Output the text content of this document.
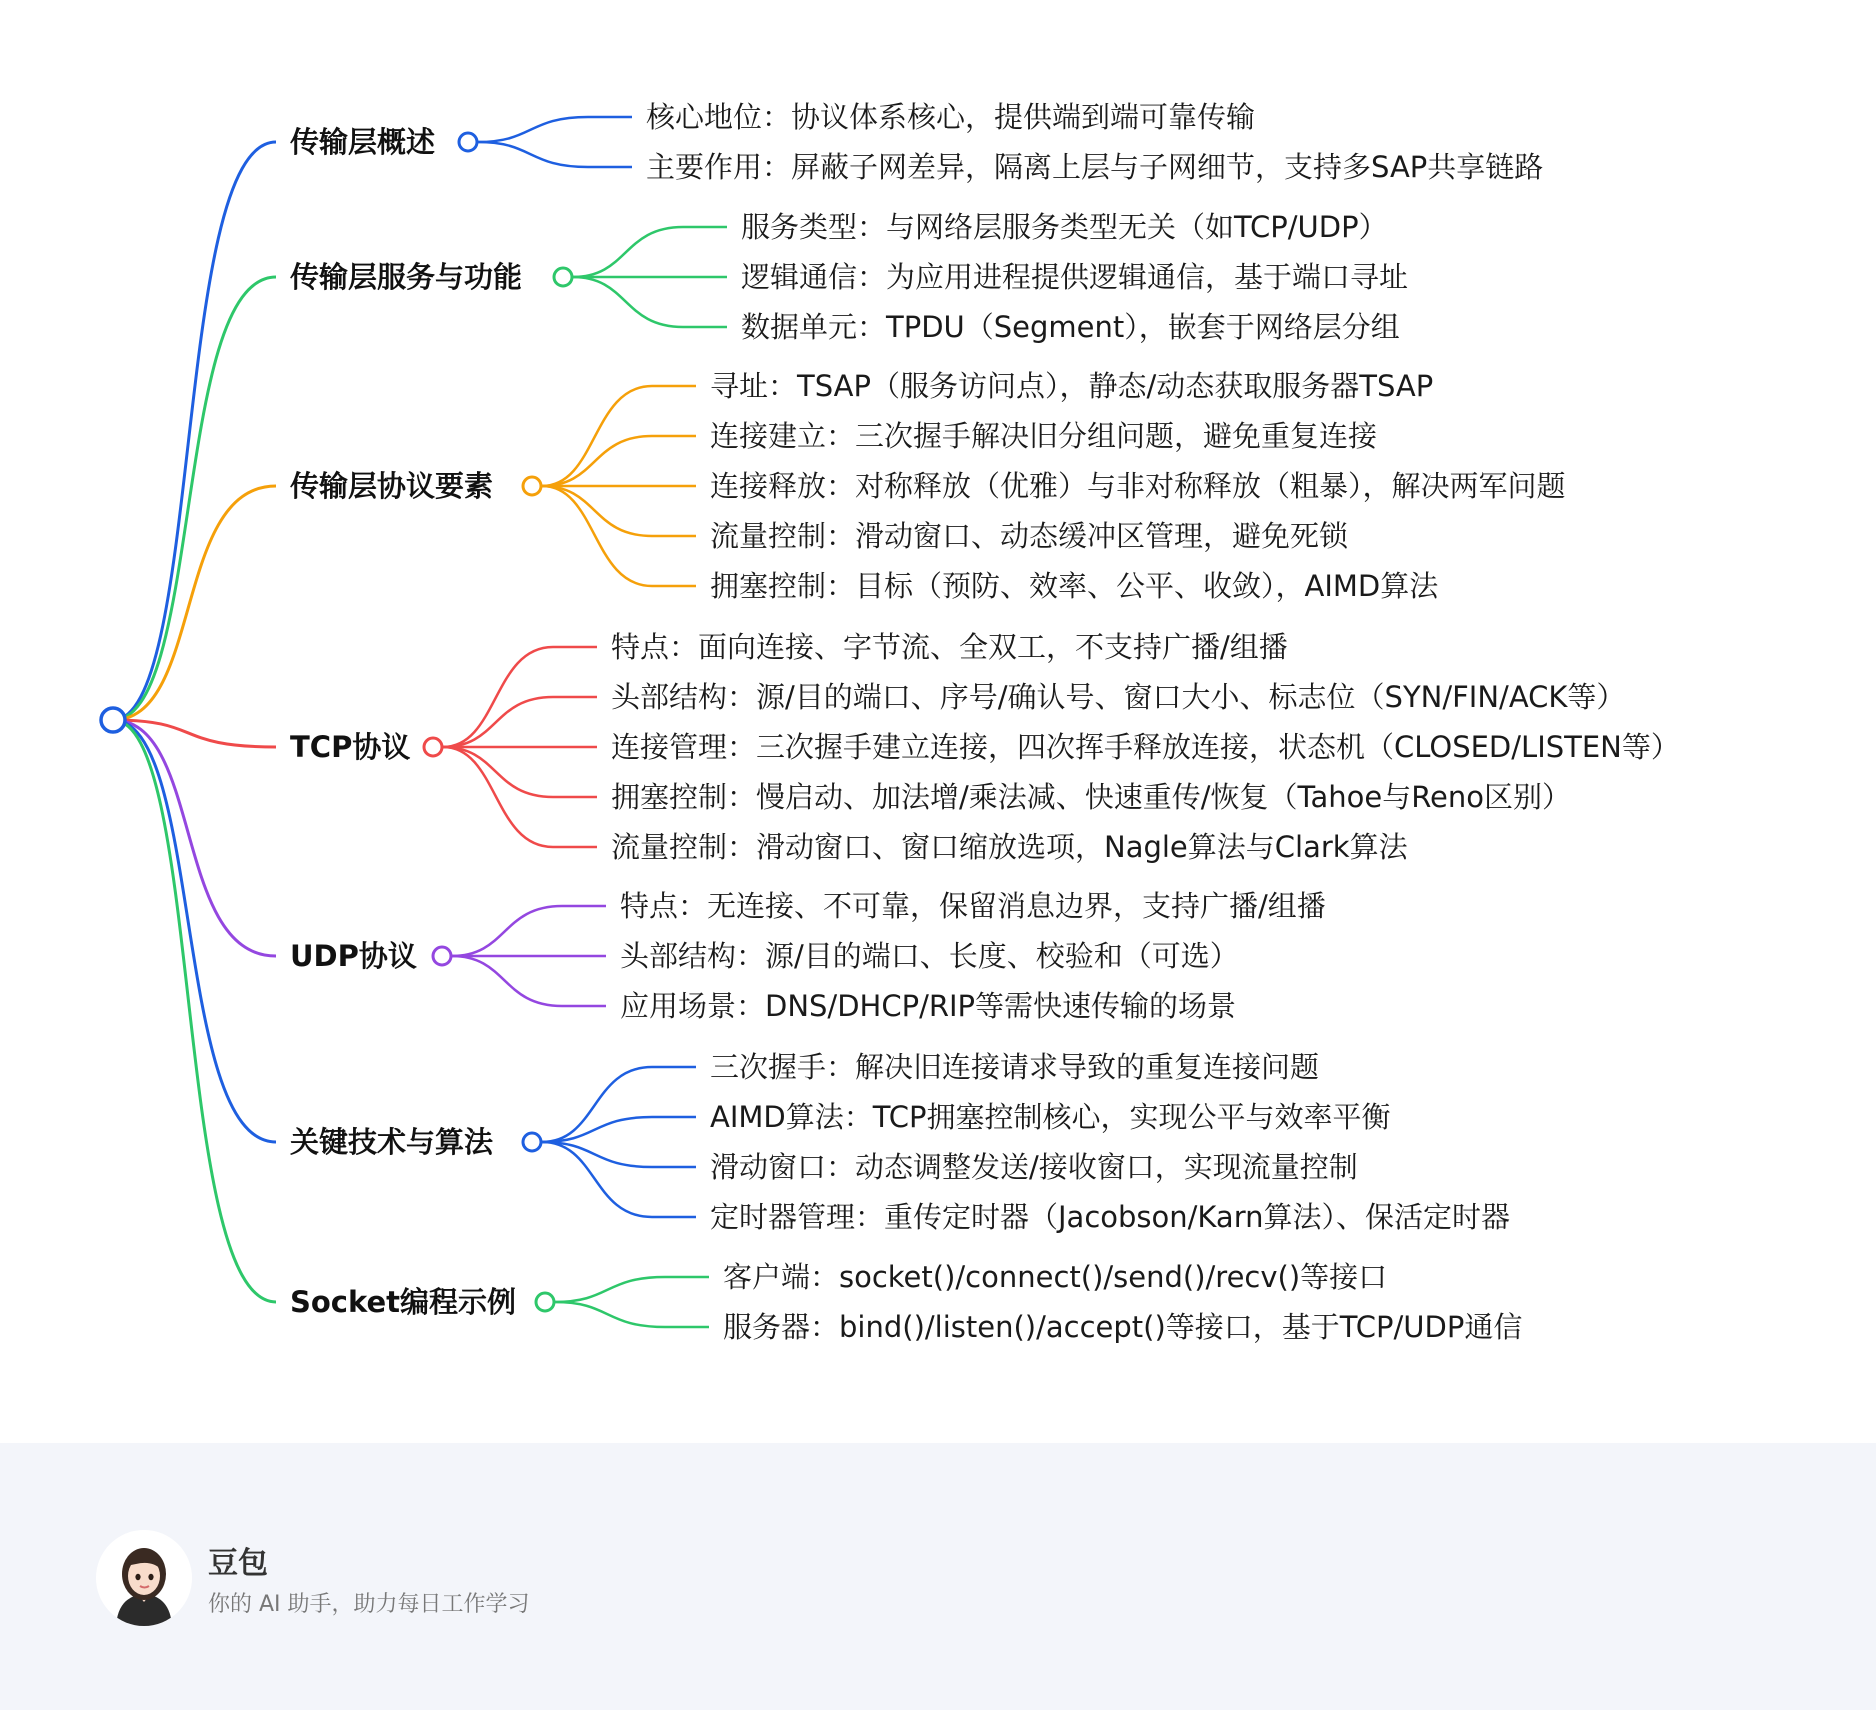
传输层概述
核心地位：协议体系核心，提供端到端可靠传输
主要作用：屏蔽子网差异，隔离上层与子网细节，支持多SAP共享链路
传输层服务与功能
服务类型：与网络层服务类型无关（如TCP/UDP）
逻辑通信：为应用进程提供逻辑通信，基于端口寻址
数据单元：TPDU（Segment），嵌套于网络层分组
传输层协议要素
寻址：TSAP（服务访问点），静态/动态获取服务器TSAP
连接建立：三次握手解决旧分组问题，避免重复连接
连接释放：对称释放（优雅）与非对称释放（粗暴），解决两军问题
流量控制：滑动窗口、动态缓冲区管理，避免死锁
拥塞控制：目标（预防、效率、公平、收敛），AIMD算法
TCP协议
特点：面向连接、字节流、全双工，不支持广播/组播
头部结构：源/目的端口、序号/确认号、窗口大小、标志位（SYN/FIN/ACK等）
连接管理：三次握手建立连接，四次挥手释放连接，状态机（CLOSED/LISTEN等）
拥塞控制：慢启动、加法增/乘法减、快速重传/恢复（Tahoe与Reno区别）
流量控制：滑动窗口、窗口缩放选项，Nagle算法与Clark算法
UDP协议
特点：无连接、不可靠，保留消息边界，支持广播/组播
头部结构：源/目的端口、长度、校验和（可选）
应用场景：DNS/DHCP/RIP等需快速传输的场景
关键技术与算法
三次握手：解决旧连接请求导致的重复连接问题
AIMD算法：TCP拥塞控制核心，实现公平与效率平衡
滑动窗口：动态调整发送/接收窗口，实现流量控制
定时器管理：重传定时器（Jacobson/Karn算法）、保活定时器
Socket编程示例
客户端：socket()/connect()/send()/recv()等接口
服务器：bind()/listen()/accept()等接口，基于TCP/UDP通信
豆包
你的 AI 助手，助力每日工作学习
